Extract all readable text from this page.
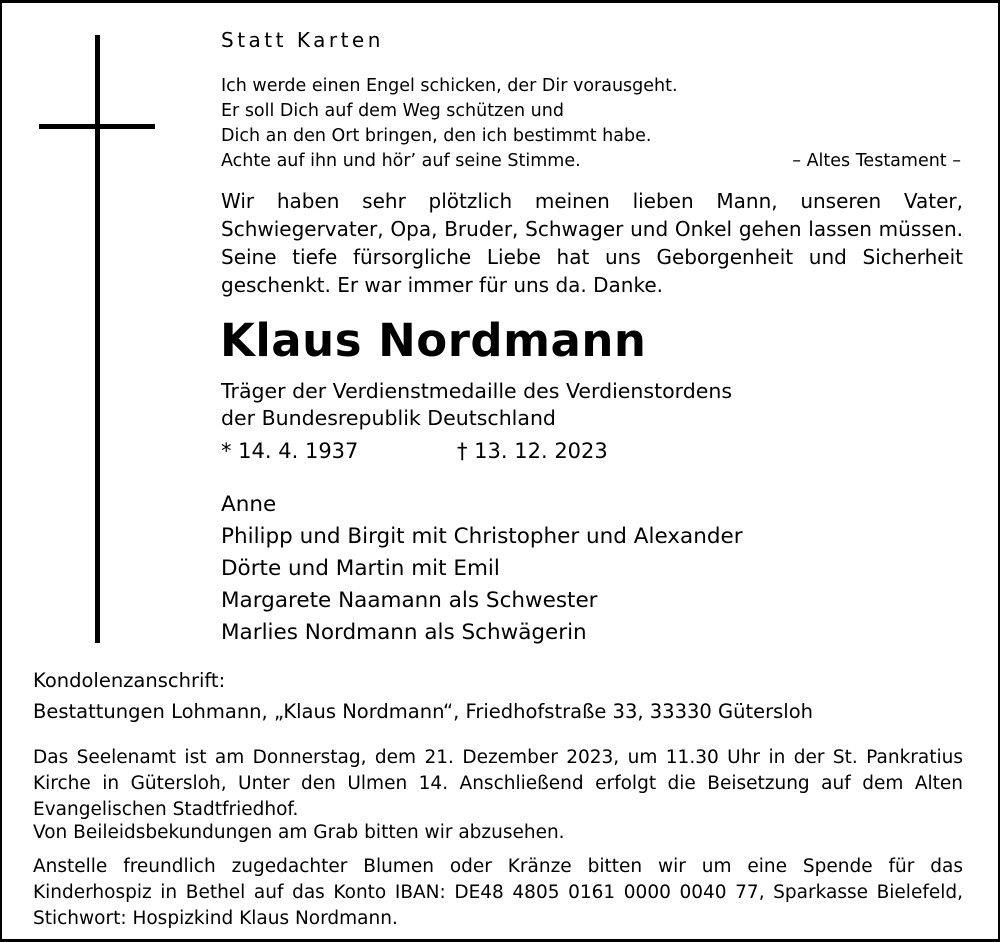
Statt Karten
Ich werde einen Engel schicken, der Dir vorausgeht.
Er soll Dich auf dem Weg schützen und
Dich an den Ort bringen, den ich bestimmt habe.
Achte auf ihn und hör’ auf seine Stimme.	– Altes Testament –
Wir haben sehr plötzlich meinen lieben Mann, unseren Vater, Schwiegervater, Opa, Bruder, Schwager und Onkel gehen lassen müssen. Seine tiefe fürsorgliche Liebe hat uns Geborgenheit und Sicherheit geschenkt. Er war immer für uns da. Danke.
Klaus Nordmann
Träger der Verdienstmedaille des Verdienstordens
der Bundesrepublik Deutschland
* 14. 4. 1937	† 13. 12. 2023
Anne
Philipp und Birgit mit Christopher und Alexander
Dörte und Martin mit Emil
Margarete Naamann als Schwester
Marlies Nordmann als Schwägerin
Kondolenzanschrift:
Bestattungen Lohmann, „Klaus Nordmann“, Friedhofstraße 33, 33330 Gütersloh
Das Seelenamt ist am Donnerstag, dem 21. Dezember 2023, um 11.30 Uhr in der St. Pankratius Kirche in Gütersloh, Unter den Ulmen 14. Anschließend erfolgt die Beisetzung auf dem Alten Evangelischen Stadtfriedhof.
Von Beileidsbekundungen am Grab bitten wir abzusehen.
Anstelle freundlich zugedachter Blumen oder Kränze bitten wir um eine Spende für das Kinderhospiz in Bethel auf das Konto IBAN: DE48 4805 0161 0000 0040 77, Sparkasse Bielefeld, Stichwort: Hospizkind Klaus Nordmann.
